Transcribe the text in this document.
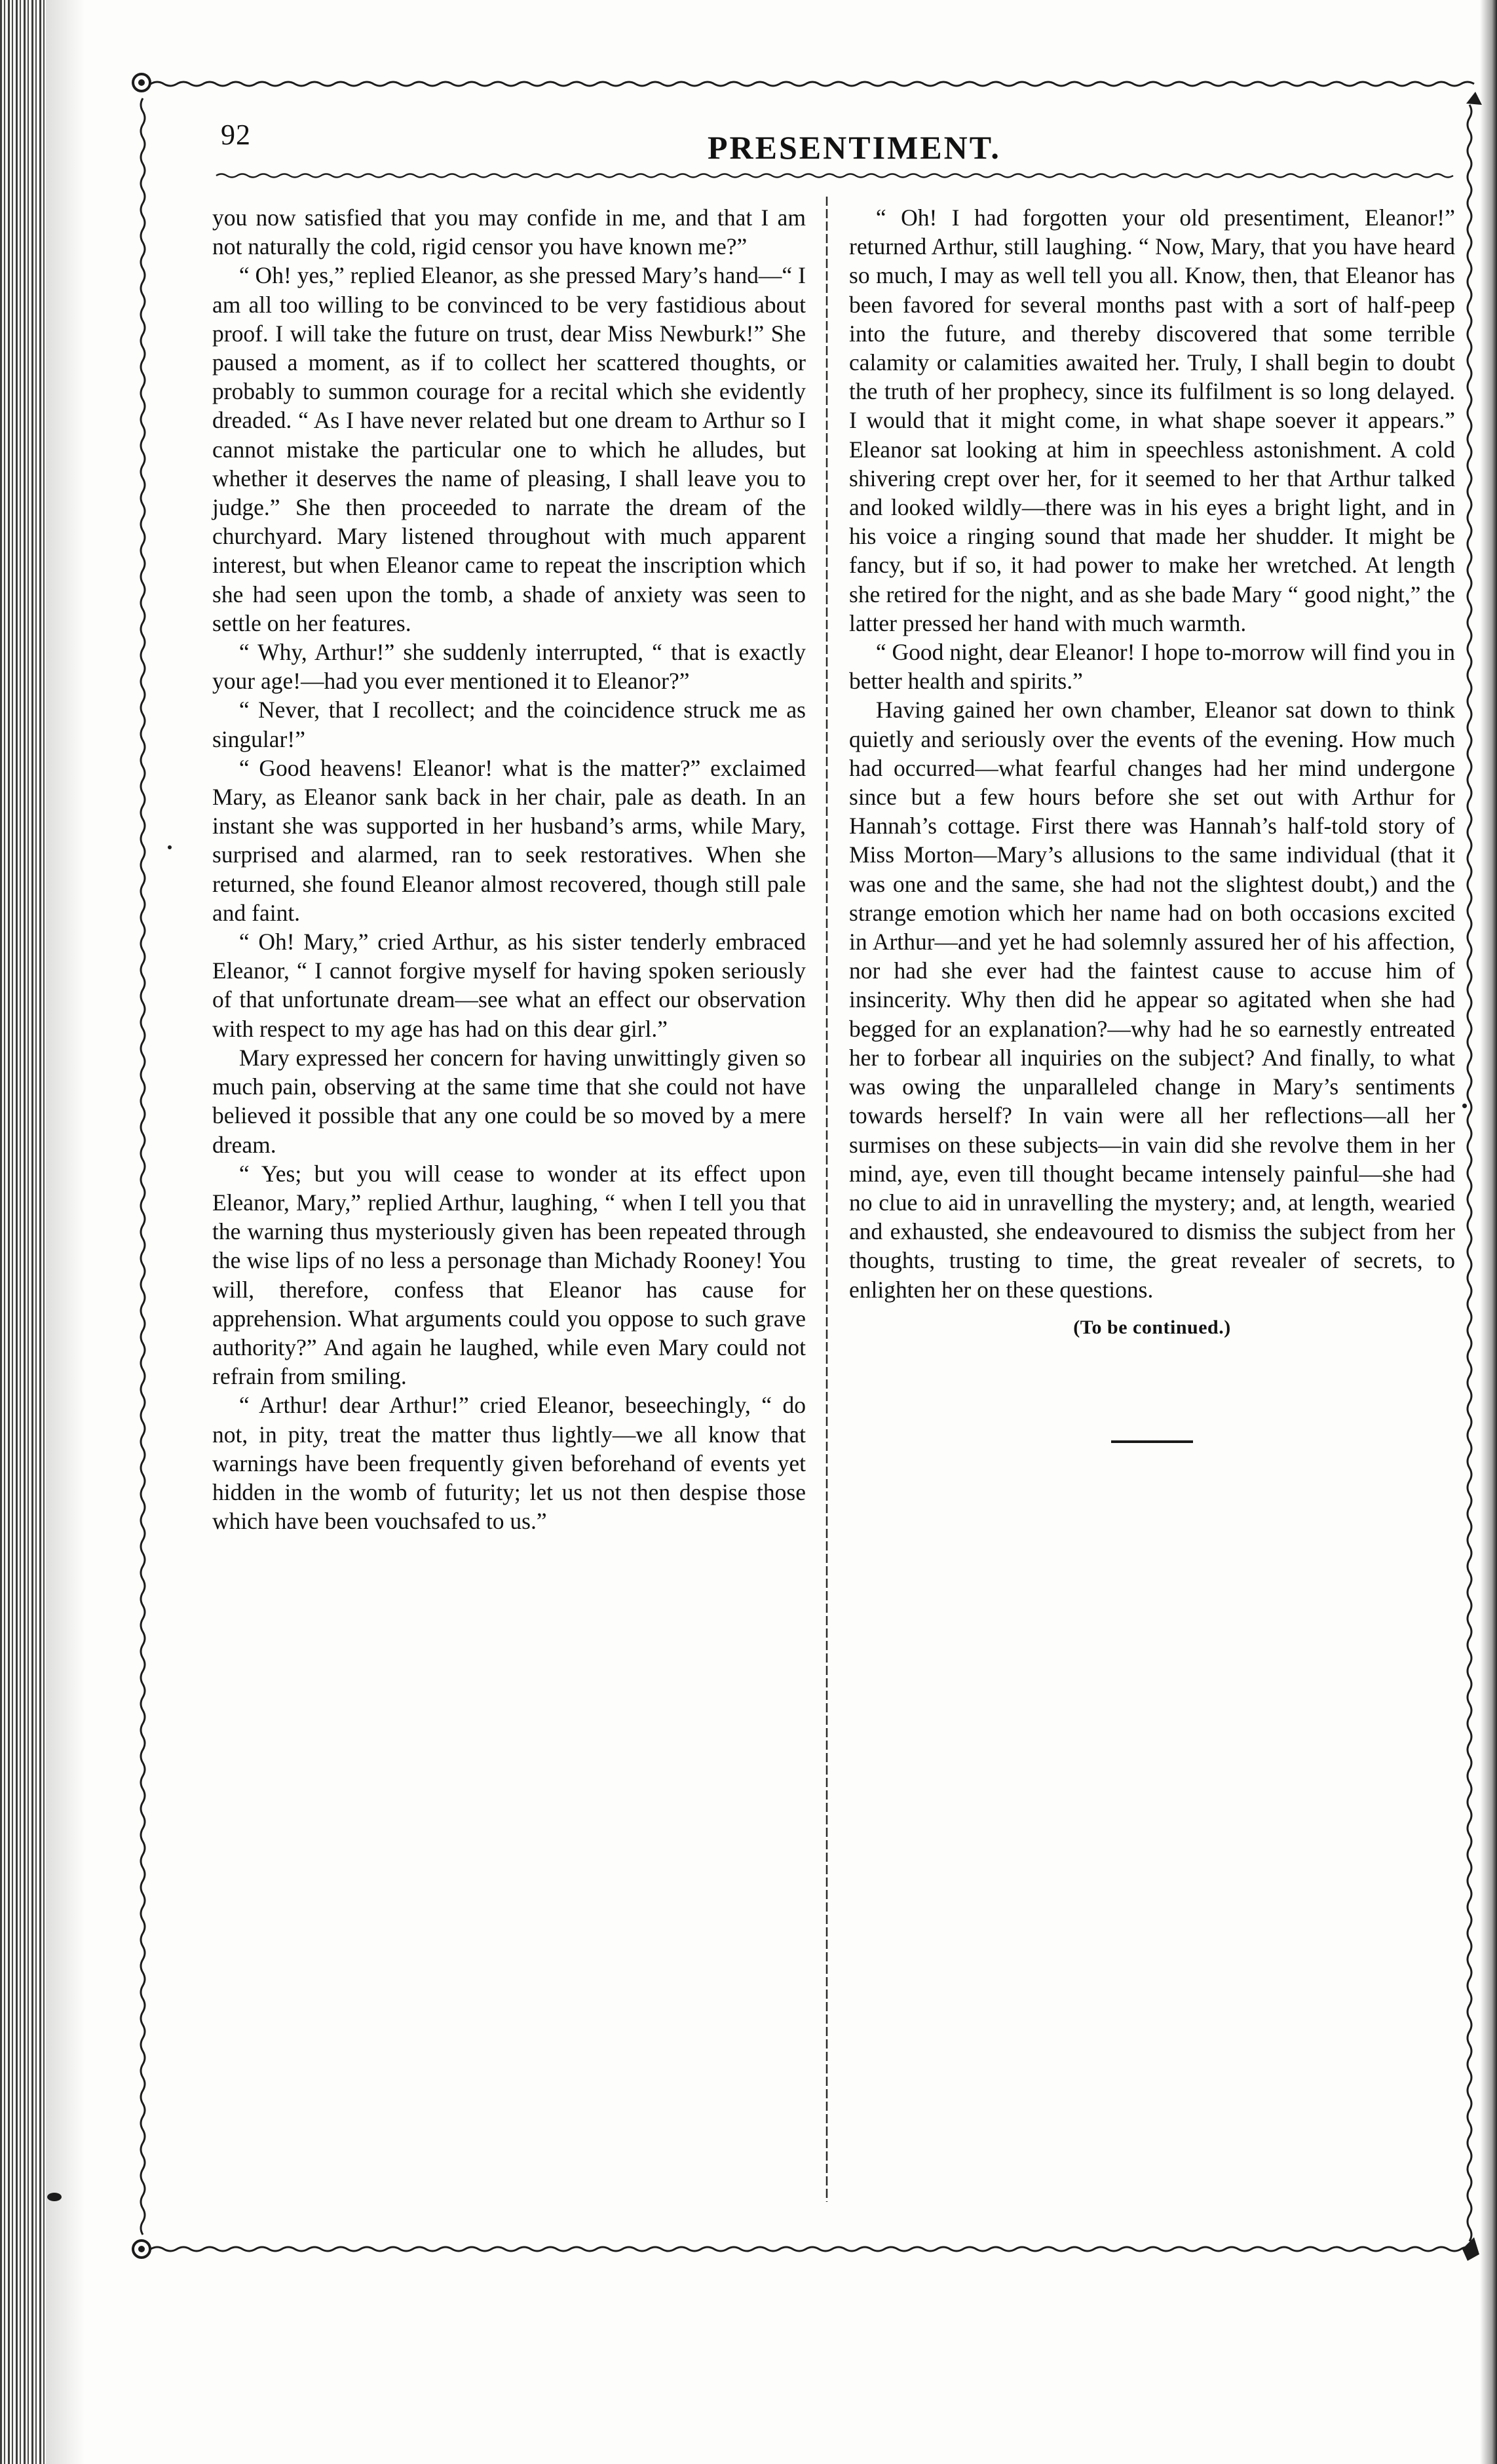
92	PRESENTIMENT.

you now satisfied that you may confide in me, and that I am not naturally the cold, rigid censor you have known me?”

“ Oh! yes,” replied Eleanor, as she pressed Mary’s hand—“ I am all too willing to be convinced to be very fastidious about proof. I will take the future on trust, dear Miss Newburk!” She paused a moment, as if to collect her scattered thoughts, or probably to summon courage for a recital which she evidently dreaded. “ As I have never related but one dream to Arthur so I cannot mistake the particular one to which he alludes, but whether it deserves the name of pleasing, I shall leave you to judge.” She then proceeded to narrate the dream of the churchyard. Mary listened throughout with much apparent interest, but when Eleanor came to repeat the inscription which she had seen upon the tomb, a shade of anxiety was seen to settle on her features.

“ Why, Arthur!” she suddenly interrupted, “ that is exactly your age!—had you ever mentioned it to Eleanor?”

“ Never, that I recollect; and the coincidence struck me as singular!”

“ Good heavens! Eleanor! what is the matter?” exclaimed Mary, as Eleanor sank back in her chair, pale as death. In an instant she was supported in her husband’s arms, while Mary, surprised and alarmed, ran to seek restoratives. When she returned, she found Eleanor almost recovered, though still pale and faint.

“ Oh! Mary,” cried Arthur, as his sister tenderly embraced Eleanor, “ I cannot forgive myself for having spoken seriously of that unfortunate dream—see what an effect our observation with respect to my age has had on this dear girl.”

Mary expressed her concern for having unwittingly given so much pain, observing at the same time that she could not have believed it possible that any one could be so moved by a mere dream.

“ Yes; but you will cease to wonder at its effect upon Eleanor, Mary,” replied Arthur, laughing, “ when I tell you that the warning thus mysteriously given has been repeated through the wise lips of no less a personage than Michady Rooney! You will, therefore, confess that Eleanor has cause for apprehension. What arguments could you oppose to such grave authority?” And again he laughed, while even Mary could not refrain from smiling.

“ Arthur! dear Arthur!” cried Eleanor, beseechingly, “ do not, in pity, treat the matter thus lightly—we all know that warnings have been frequently given beforehand of events yet hidden in the womb of futurity; let us not then despise those which have been vouchsafed to us.”

“ Oh! I had forgotten your old presentiment, Eleanor!” returned Arthur, still laughing. “ Now, Mary, that you have heard so much, I may as well tell you all. Know, then, that Eleanor has been favored for several months past with a sort of half-peep into the future, and thereby discovered that some terrible calamity or calamities awaited her. Truly, I shall begin to doubt the truth of her prophecy, since its fulfilment is so long delayed. I would that it might come, in what shape soever it appears.” Eleanor sat looking at him in speechless astonishment. A cold shivering crept over her, for it seemed to her that Arthur talked and looked wildly—there was in his eyes a bright light, and in his voice a ringing sound that made her shudder. It might be fancy, but if so, it had power to make her wretched. At length she retired for the night, and as she bade Mary “ good night,” the latter pressed her hand with much warmth.

“ Good night, dear Eleanor! I hope to-morrow will find you in better health and spirits.”

Having gained her own chamber, Eleanor sat down to think quietly and seriously over the events of the evening. How much had occurred—what fearful changes had her mind undergone since but a few hours before she set out with Arthur for Hannah’s cottage. First there was Hannah’s half-told story of Miss Morton—Mary’s allusions to the same individual (that it was one and the same, she had not the slightest doubt,) and the strange emotion which her name had on both occasions excited in Arthur—and yet he had solemnly assured her of his affection, nor had she ever had the faintest cause to accuse him of insincerity. Why then did he appear so agitated when she had begged for an explanation?—why had he so earnestly entreated her to forbear all inquiries on the subject? And finally, to what was owing the unparalleled change in Mary’s sentiments towards herself? In vain were all her reflections—all her surmises on these subjects—in vain did she revolve them in her mind, aye, even till thought became intensely painful—she had no clue to aid in unravelling the mystery; and, at length, wearied and exhausted, she endeavoured to dismiss the subject from her thoughts, trusting to time, the great revealer of secrets, to enlighten her on these questions.

(To be continued.)
